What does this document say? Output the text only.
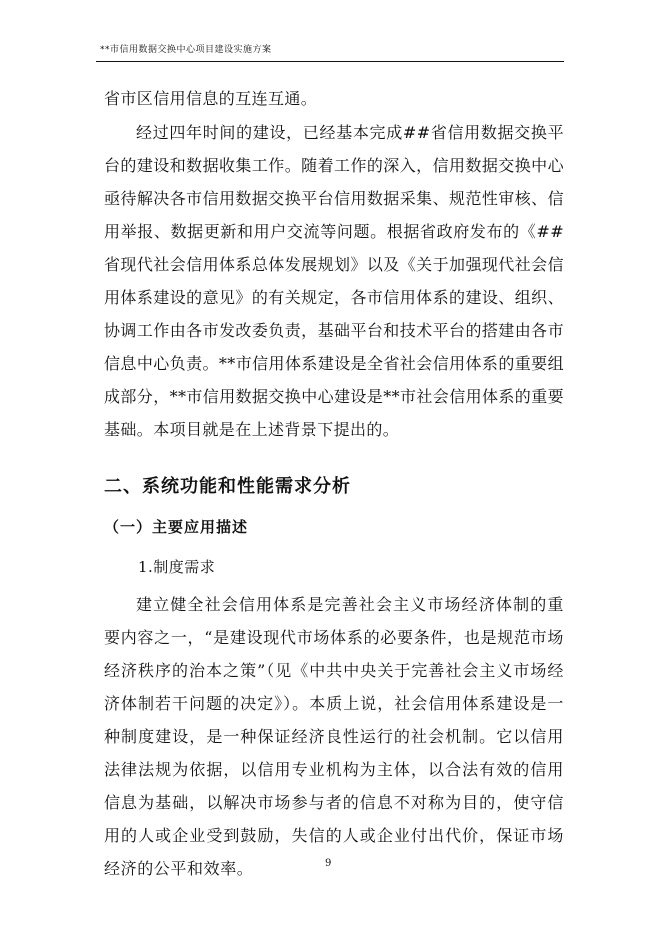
**市信用数据交换中心项目建设实施方案
省市区信用信息的互连互通。
经过四年时间的建设，已经基本完成##省信用数据交换平台的建设和数据收集工作。随着工作的深入，信用数据交换中心亟待解决各市信用数据交换平台信用数据采集、规范性审核、信用举报、数据更新和用户交流等问题。根据省政府发布的《##省现代社会信用体系总体发展规划》以及《关于加强现代社会信用体系建设的意见》的有关规定，各市信用体系的建设、组织、协调工作由各市发改委负责，基础平台和技术平台的搭建由各市信息中心负责。**市信用体系建设是全省社会信用体系的重要组成部分，**市信用数据交换中心建设是**市社会信用体系的重要基础。本项目就是在上述背景下提出的。
二、系统功能和性能需求分析
（一）主要应用描述
1.制度需求
建立健全社会信用体系是完善社会主义市场经济体制的重要内容之一，“是建设现代市场体系的必要条件，也是规范市场经济秩序的治本之策”（见《中共中央关于完善社会主义市场经济体制若干问题的决定》）。本质上说，社会信用体系建设是一种制度建设，是一种保证经济良性运行的社会机制。它以信用法律法规为依据，以信用专业机构为主体，以合法有效的信用信息为基础，以解决市场参与者的信息不对称为目的，使守信用的人或企业受到鼓励，失信的人或企业付出代价，保证市场经济的公平和效率。	9
